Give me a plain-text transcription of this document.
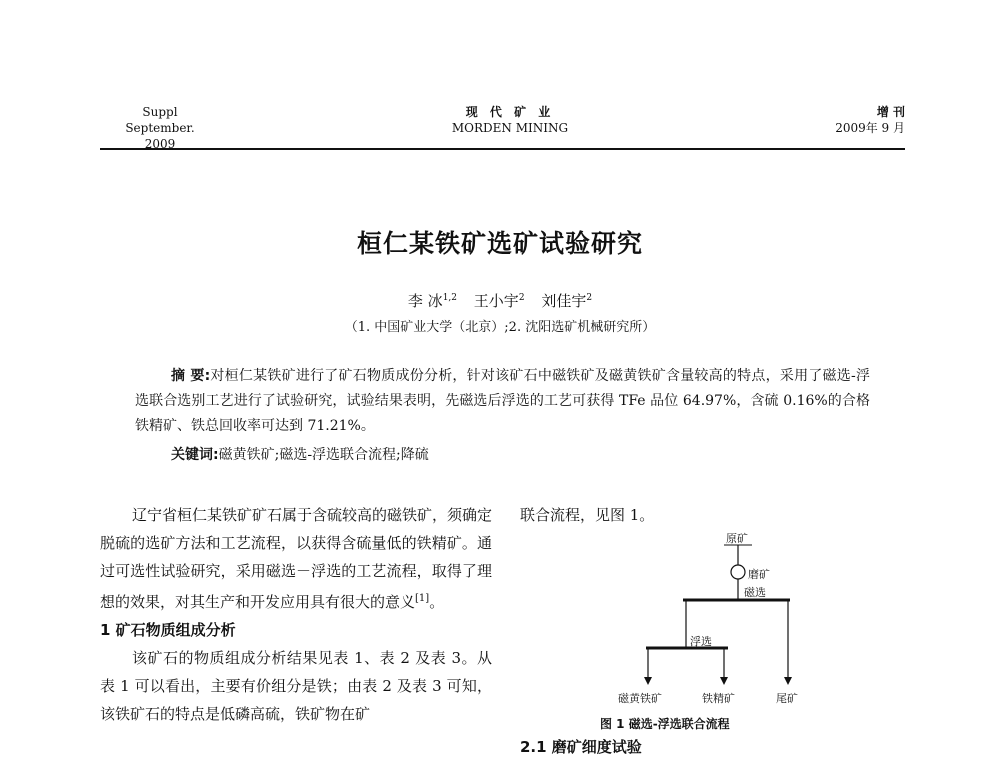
Suppl
September. 2009
现 代 矿 业
MORDEN MINING
增 刊
2009年 9 月
桓仁某铁矿选矿试验研究
李 冰$^{1,2}$ 王小宇$^2$ 刘佳宇$^2$
（1. 中国矿业大学（北京）;2. 沈阳选矿机械研究所）
摘 要:对桓仁某铁矿进行了矿石物质成份分析，针对该矿石中磁铁矿及磁黄铁矿含量较高的特点，采用了磁选-浮选联合选别工艺进行了试验研究，试验结果表明，先磁选后浮选的工艺可获得 TFe 品位 64.97%，含硫 0.16%的合格铁精矿、铁总回收率可达到 71.21%。
关键词:磁黄铁矿;磁选-浮选联合流程;降硫

辽宁省桓仁某铁矿矿石属于含硫较高的磁铁矿，须确定脱硫的选矿方法和工艺流程，以获得含硫量低的铁精矿。通过可选性试验研究，采用磁选－浮选的工艺流程，取得了理想的效果，对其生产和开发应用具有很大的意义[1]。

1 矿石物质组成分析

该矿石的物质组成分析结果见表 1、表 2 及表 3。从表 1 可以看出，主要有价组分是铁；由表 2 及表 3 可知，该铁矿石的特点是低磷高硫，铁矿物在矿

联合流程，见图 1。
原矿
磨矿
磁选
浮选
磁黄铁矿	铁精矿	尾矿
图 1 磁选-浮选联合流程
2.1 磨矿细度试验
